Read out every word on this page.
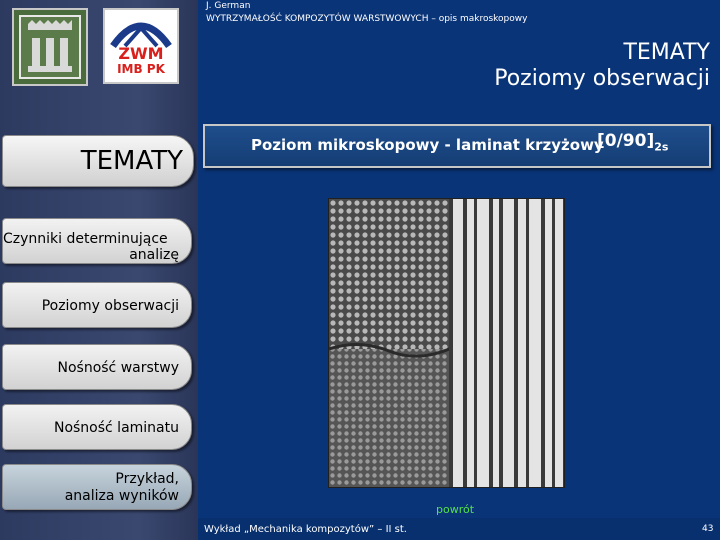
J. German
WYTRZYMAŁOŚĆ KOMPOZYTÓW WARSTWOWYCH – opis makroskopowy
ZWM
IMB PK
TEMATY
Poziomy obserwacji
TEMATY
Czynniki determinujące
analizę
Poziomy obserwacji
Nośność warstwy
Nośność laminatu
Przykład,
analiza wyników
Poziom mikroskopowy - laminat krzyżowy
$[0/90]_{2s}$
powrót
Wykład „Mechanika kompozytów” – II st.	43
